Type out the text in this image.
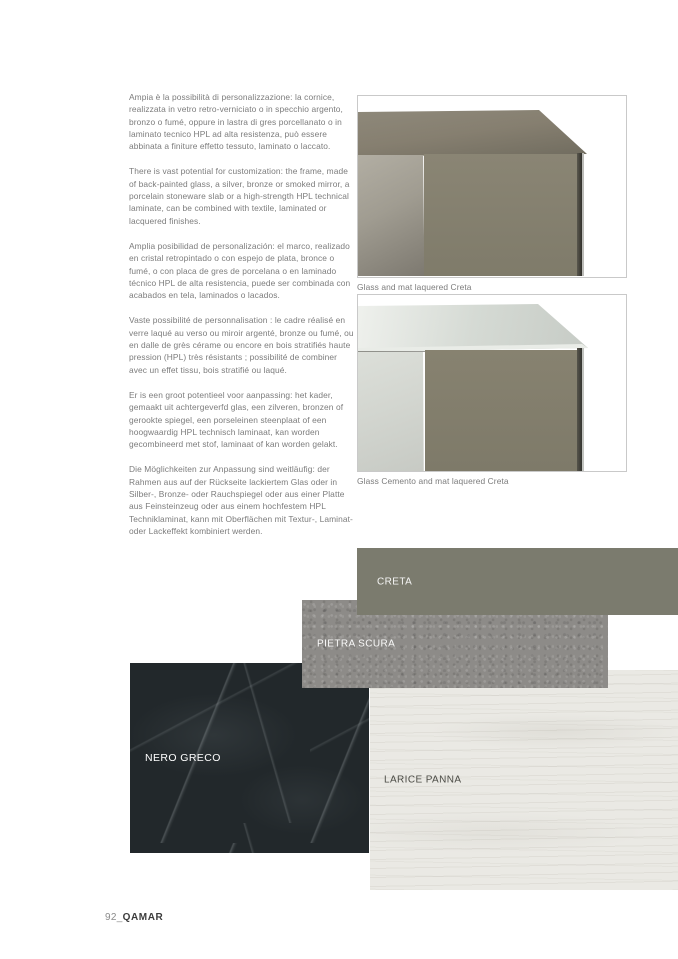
Ampia è la possibilità di personalizzazione: la cornice, realizzata in vetro retro-verniciato o in specchio argento, bronzo o fumé, oppure in lastra di gres porcellanato o in laminato tecnico HPL ad alta resistenza, può essere abbinata a finiture effetto tessuto, laminato o laccato.

There is vast potential for customization: the frame, made of back-painted glass, a silver, bronze or smoked mirror, a porcelain stoneware slab or a high-strength HPL technical laminate, can be combined with textile, laminated or lacquered finishes.

Amplia posibilidad de personalización: el marco, realizado en cristal retropintado o con espejo de plata, bronce o fumé, o con placa de gres de porcelana o en laminado técnico HPL de alta resistencia, puede ser combinada con acabados en tela, laminados o lacados.

Vaste possibilité de personnalisation : le cadre réalisé en verre laqué au verso ou miroir argenté, bronze ou fumé, ou en dalle de grès cérame ou encore en bois stratifiés haute pression (HPL) très résistants ; possibilité de combiner avec un effet tissu, bois stratifié ou laqué.

Er is een groot potentieel voor aanpassing: het kader, gemaakt uit achtergeverfd glas, een zilveren, bronzen of gerookte spiegel, een porseleinen steenplaat of een hoogwaardig HPL technisch laminaat, kan worden gecombineerd met stof, laminaat of kan worden gelakt.

Die Möglichkeiten zur Anpassung sind weitläufig: der Rahmen aus auf der Rückseite lackiertem Glas oder in Silber-, Bronze- oder Rauchspiegel oder aus einer Platte aus Feinsteinzeug oder aus einem hochfestem HPL Techniklaminat, kann mit Oberflächen mit Textur-, Laminat- oder Lackeffekt kombiniert werden.

Glass and mat laquered Creta
Glass Cemento and mat laquered Creta
CRETA
PIETRA SCURA
NERO GRECO
LARICE PANNA
92_QAMAR
